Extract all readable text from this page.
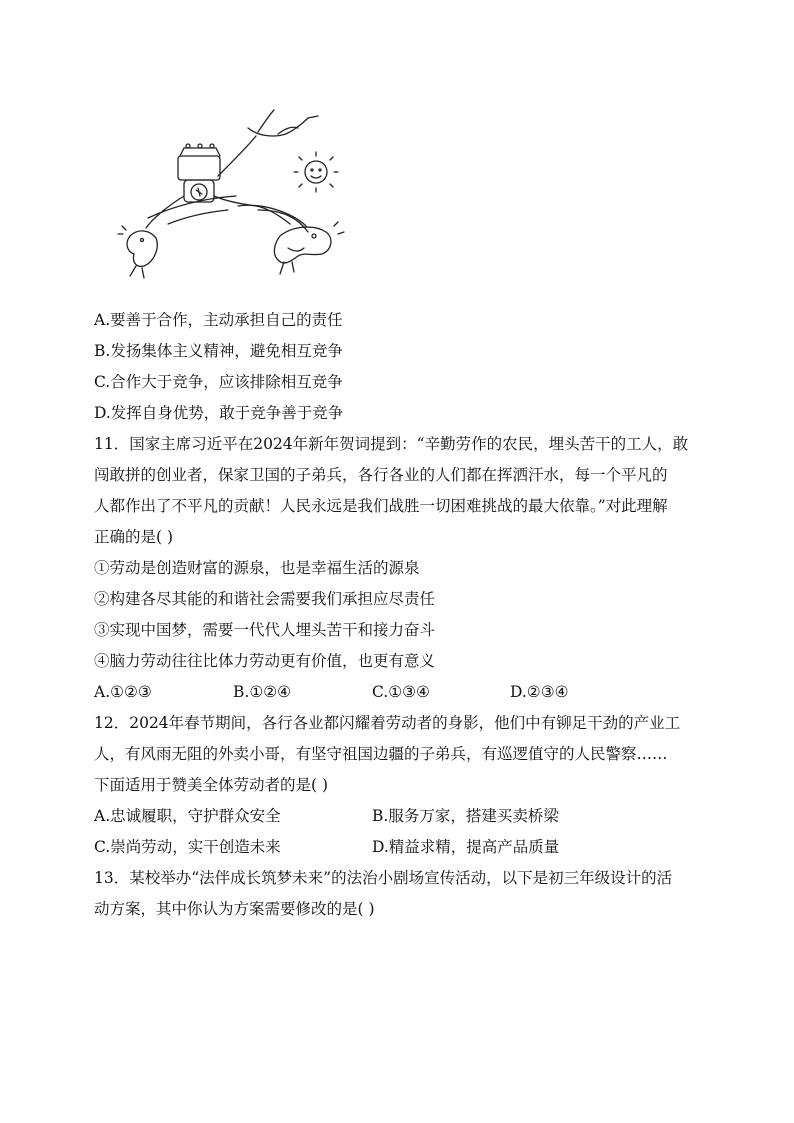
A.要善于合作，主动承担自己的责任
B.发扬集体主义精神，避免相互竞争
C.合作大于竞争，应该排除相互竞争
D.发挥自身优势，敢于竞争善于竞争
11．国家主席习近平在2024年新年贺词提到：“辛勤劳作的农民，埋头苦干的工人，敢
闯敢拼的创业者，保家卫国的子弟兵，各行各业的人们都在挥洒汗水，每一个平凡的
人都作出了不平凡的贡献！人民永远是我们战胜一切困难挑战的最大依靠。”对此理解
正确的是( )
①劳动是创造财富的源泉，也是幸福生活的源泉
②构建各尽其能的和谐社会需要我们承担应尽责任
③实现中国梦，需要一代代人埋头苦干和接力奋斗
④脑力劳动往往比体力劳动更有价值，也更有意义
A.①②③	B.①②④	C.①③④	D.②③④
12．2024年春节期间，各行各业都闪耀着劳动者的身影，他们中有铆足干劲的产业工
人，有风雨无阻的外卖小哥，有坚守祖国边疆的子弟兵，有巡逻值守的人民警察……
下面适用于赞美全体劳动者的是( )
A.忠诚履职，守护群众安全	B.服务万家，搭建买卖桥梁
C.崇尚劳动，实干创造未来	D.精益求精，提高产品质量
13．某校举办“法伴成长筑梦未来”的法治小剧场宣传活动，以下是初三年级设计的活
动方案，其中你认为方案需要修改的是( )
